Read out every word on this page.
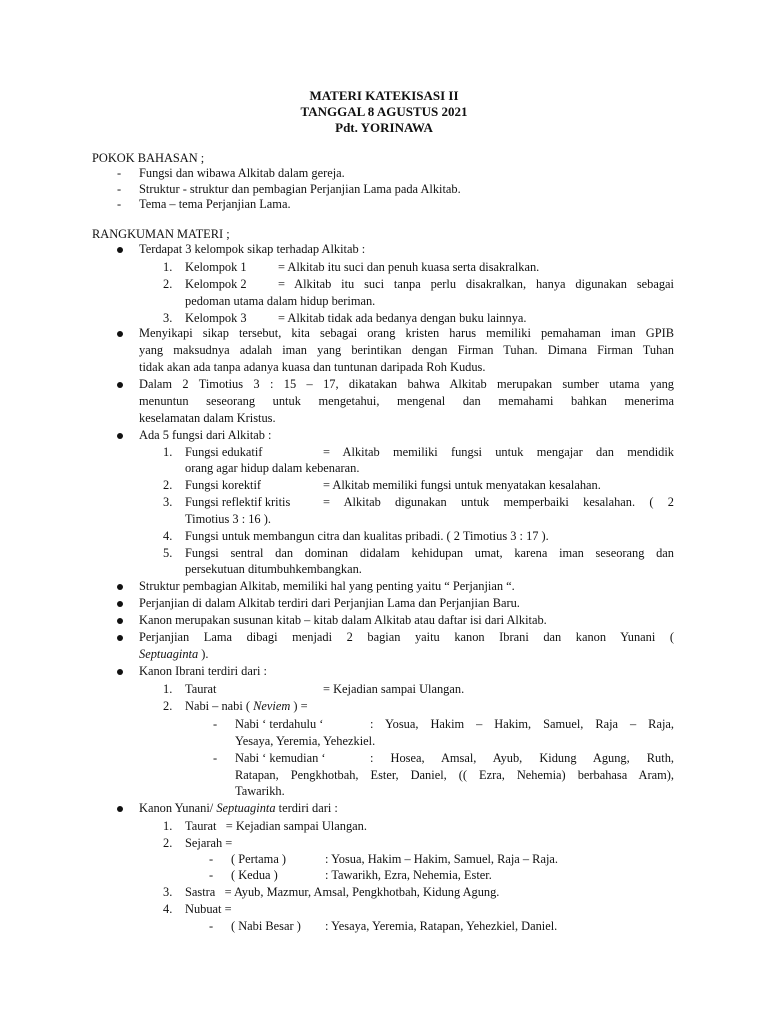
MATERI KATEKISASI II
TANGGAL 8 AGUSTUS 2021
Pdt. YORINAWA
POKOK BAHASAN ;
- Fungsi dan wibawa Alkitab dalam gereja.
- Struktur - struktur dan pembagian Perjanjian Lama pada Alkitab.
- Tema – tema Perjanjian Lama.
RANGKUMAN MATERI ;
Terdapat 3 kelompok sikap terhadap Alkitab :
1. Kelompok 1	= Alkitab itu suci dan penuh kuasa serta disakralkan.
2. Kelompok 2	= Alkitab itu suci tanpa perlu disakralkan, hanya digunakan sebagai
pedoman utama dalam hidup beriman.
3. Kelompok 3	= Alkitab tidak ada bedanya dengan buku lainnya.
Menyikapi sikap tersebut, kita sebagai orang kristen harus memiliki pemahaman iman GPIB
yang maksudnya adalah iman yang berintikan dengan Firman Tuhan. Dimana Firman Tuhan
tidak akan ada tanpa adanya kuasa dan tuntunan daripada Roh Kudus.
Dalam 2 Timotius 3 : 15 – 17, dikatakan bahwa Alkitab merupakan sumber utama yang
menuntun seseorang untuk mengetahui, mengenal dan memahami bahkan menerima
keselamatan dalam Kristus.
Ada 5 fungsi dari Alkitab :
1. Fungsi edukatif	= Alkitab memiliki fungsi untuk mengajar dan mendidik
orang agar hidup dalam kebenaran.
2. Fungsi korektif	= Alkitab memiliki fungsi untuk menyatakan kesalahan.
3. Fungsi reflektif kritis	= Alkitab digunakan untuk memperbaiki kesalahan. ( 2
Timotius 3 : 16 ).
4. Fungsi untuk membangun citra dan kualitas pribadi. ( 2 Timotius 3 : 17 ).
5. Fungsi sentral dan dominan didalam kehidupan umat, karena iman seseorang dan
persekutuan ditumbuhkembangkan.
Struktur pembagian Alkitab, memiliki hal yang penting yaitu “ Perjanjian “.
Perjanjian di dalam Alkitab terdiri dari Perjanjian Lama dan Perjanjian Baru.
Kanon merupakan susunan kitab – kitab dalam Alkitab atau daftar isi dari Alkitab.
Perjanjian Lama dibagi menjadi 2 bagian yaitu kanon Ibrani dan kanon Yunani (
Septuaginta ).
Kanon Ibrani terdiri dari :
1. Taurat	= Kejadian sampai Ulangan.
2. Nabi – nabi ( Neviem ) =
- Nabi ‘ terdahulu ‘	: Yosua, Hakim – Hakim, Samuel, Raja – Raja,
Yesaya, Yeremia, Yehezkiel.
- Nabi ‘ kemudian ‘	: Hosea, Amsal, Ayub, Kidung Agung, Ruth,
Ratapan, Pengkhotbah, Ester, Daniel, (( Ezra, Nehemia) berbahasa Aram),
Tawarikh.
Kanon Yunani/ Septuaginta terdiri dari :
1. Taurat   = Kejadian sampai Ulangan.
2. Sejarah =
- ( Pertama )	: Yosua, Hakim – Hakim, Samuel, Raja – Raja.
- ( Kedua )	: Tawarikh, Ezra, Nehemia, Ester.
3. Sastra   = Ayub, Mazmur, Amsal, Pengkhotbah, Kidung Agung.
4. Nubuat =
- ( Nabi Besar ) : Yesaya, Yeremia, Ratapan, Yehezkiel, Daniel.
